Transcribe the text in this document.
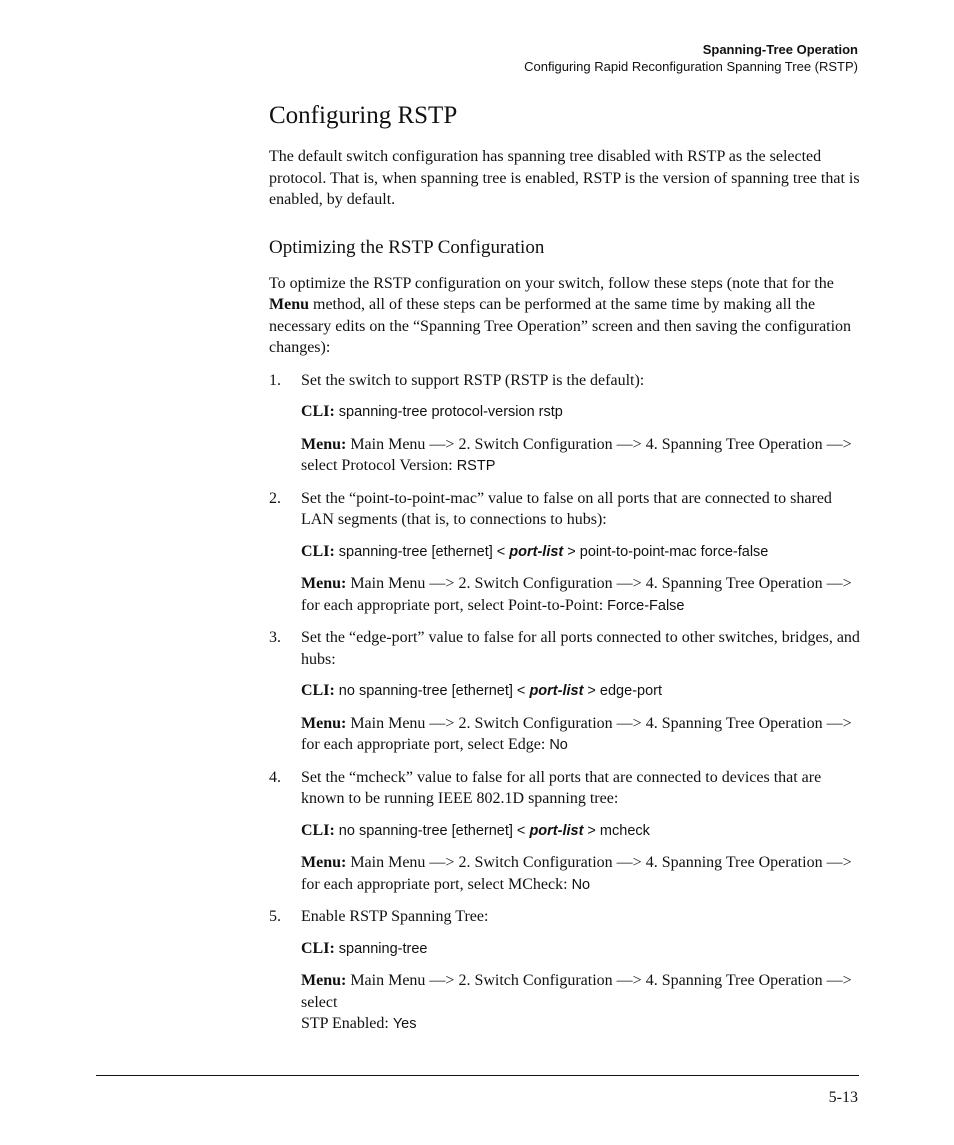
Spanning-Tree Operation
Configuring Rapid Reconfiguration Spanning Tree (RSTP)
Configuring RSTP

The default switch configuration has spanning tree disabled with RSTP as the selected protocol. That is, when spanning tree is enabled, RSTP is the version of spanning tree that is enabled, by default.

Optimizing the RSTP Configuration

To optimize the RSTP configuration on your switch, follow these steps (note that for the Menu method, all of these steps can be performed at the same time by making all the necessary edits on the “Spanning Tree Operation” screen and then saving the configuration changes):

1. Set the switch to support RSTP (RSTP is the default):
CLI: spanning-tree protocol-version rstp
Menu: Main Menu —> 2. Switch Configuration —> 4. Spanning Tree Operation —> select Protocol Version: RSTP
2. Set the “point-to-point-mac” value to false on all ports that are connected to shared LAN segments (that is, to connections to hubs):
CLI: spanning-tree [ethernet] < port-list > point-to-point-mac force-false
Menu: Main Menu —> 2. Switch Configuration —> 4. Spanning Tree Operation —> for each appropriate port, select Point-to-Point: Force-False
3. Set the “edge-port” value to false for all ports connected to other switches, bridges, and hubs:
CLI: no spanning-tree [ethernet] < port-list > edge-port
Menu: Main Menu —> 2. Switch Configuration —> 4. Spanning Tree Operation —> for each appropriate port, select Edge: No
4. Set the “mcheck” value to false for all ports that are connected to devices that are known to be running IEEE 802.1D spanning tree:
CLI: no spanning-tree [ethernet] < port-list > mcheck
Menu: Main Menu —> 2. Switch Configuration —> 4. Spanning Tree Operation —> for each appropriate port, select MCheck: No
5. Enable RSTP Spanning Tree:
CLI: spanning-tree
Menu: Main Menu —> 2. Switch Configuration —> 4. Spanning Tree Operation —> select
STP Enabled: Yes
5-13
